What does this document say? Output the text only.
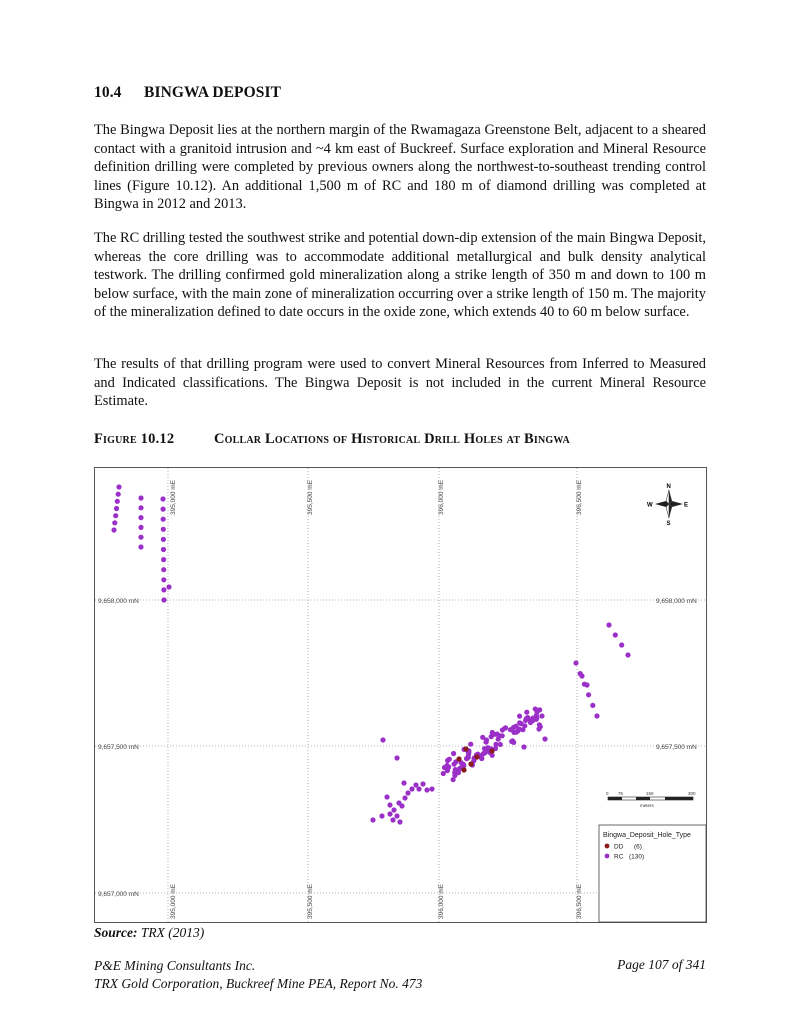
10.4 BINGWA DEPOSIT

The Bingwa Deposit lies at the northern margin of the Rwamagaza Greenstone Belt, adjacent to a sheared contact with a granitoid intrusion and ~4 km east of Buckreef. Surface exploration and Mineral Resource definition drilling were completed by previous owners along the northwest-to-southeast trending control lines (Figure 10.12). An additional 1,500 m of RC and 180 m of diamond drilling was completed at Bingwa in 2012 and 2013.

The RC drilling tested the southwest strike and potential down-dip extension of the main Bingwa Deposit, whereas the core drilling was to accommodate additional metallurgical and bulk density analytical testwork. The drilling confirmed gold mineralization along a strike length of 350 m and down to 100 m below surface, with the main zone of mineralization occurring over a strike length of 150 m. The majority of the mineralization defined to date occurs in the oxide zone, which extends 40 to 60 m below surface.

The results of that drilling program were used to convert Mineral Resources from Inferred to Measured and Indicated classifications. The Bingwa Deposit is not included in the current Mineral Resource Estimate.

Figure 10.12	Collar Locations of Historical Drill Holes at Bingwa
395,000 mE	395,500 mE	396,000 mE	396,500 mE
395,000 mE	395,500 mE	396,000 mE	396,500 mE
9,658,000 mN
9,657,500 mN
9,657,000 mN
9,658,000 mN
9,657,500 mN
N
S
E
W
0 75	150	300
meters
Bingwa_Deposit_Hole_Type
DD (6)
RC (130)
Source: TRX (2013)
P&E Mining Consultants Inc.
TRX Gold Corporation, Buckreef Mine PEA, Report No. 473
Page 107 of 341
